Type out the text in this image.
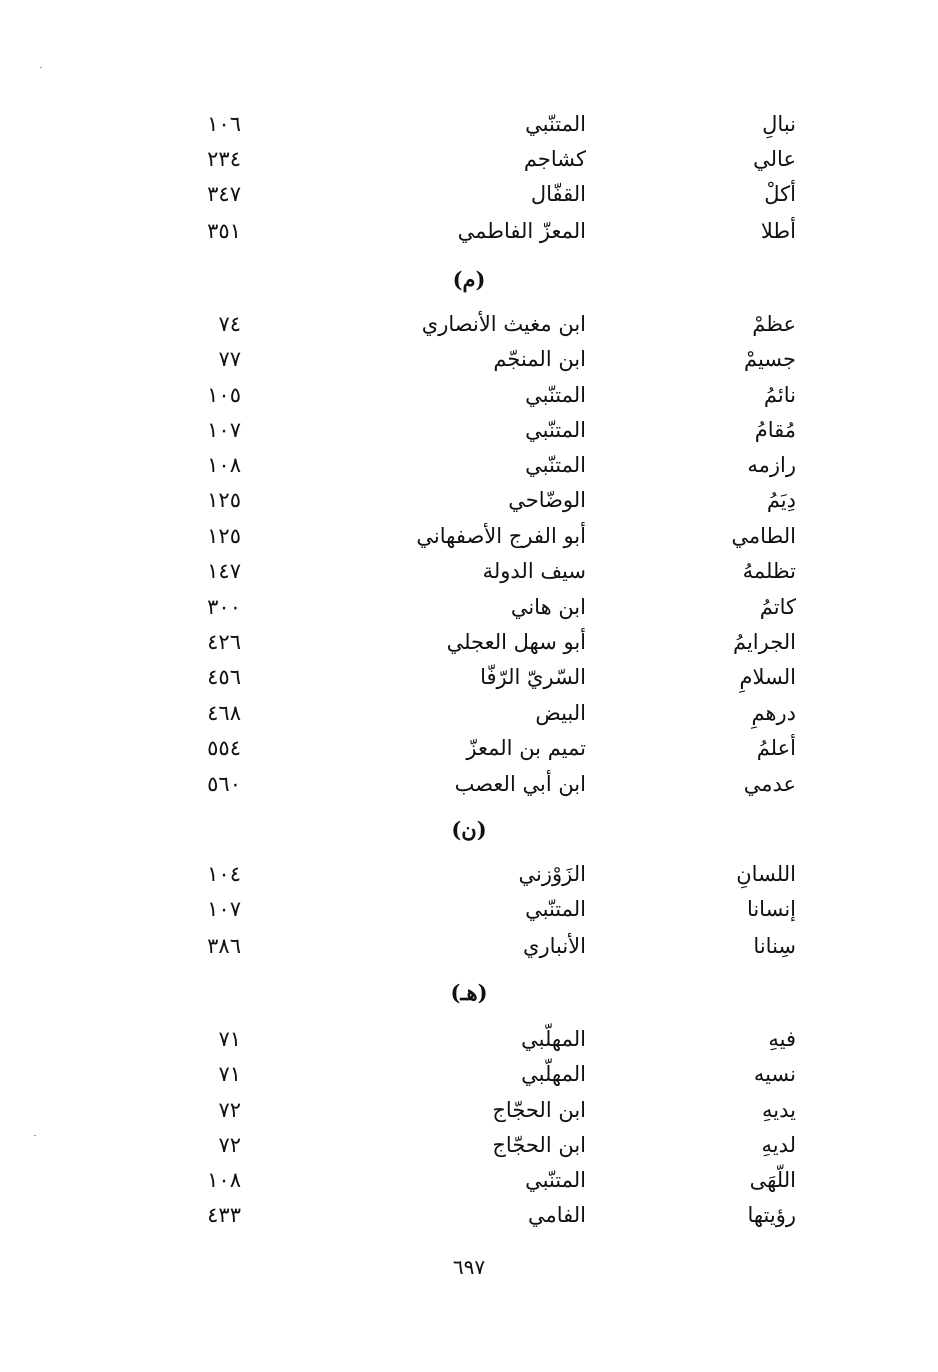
نبالِ
المتنّبي
١٠٦
عالي
كشاجم
٢٣٤
أكلْ
القفّال
٣٤٧
أطلا
المعزّ الفاطمي
٣٥١
(م)
عظمْ
ابن مغيث الأنصاري
٧٤
جسيمْ
ابن المنجّم
٧٧
نائمُ
المتنّبي
١٠٥
مُقامُ
المتنّبي
١٠٧
رازمه
المتنّبي
١٠٨
دِيَمُ
الوضّاحي
١٢٥
الطامي
أبو الفرج الأصفهاني
١٢٥
تظلمهُ
سيف الدولة
١٤٧
كاتمُ
ابن هاني
٣٠٠
الجرايمُ
أبو سهل العجلي
٤٢٦
السلامِ
السّريّ الرّفّا
٤٥٦
درهمِ
البيض
٤٦٨
أعلمُ
تميم بن المعزّ
٥٥٤
عدمي
ابن أبي العصب
٥٦٠
(ن)
اللسانِ
الزَوْزني
١٠٤
إنسانا
المتنّبي
١٠٧
سِنانا
الأنباري
٣٨٦
(هـ)
فيهِ
المهلّبي
٧١
نسيه
المهلّبي
٧١
يديهِ
ابن الحجّاج
٧٢
لديهِ
ابن الحجّاج
٧٢
اللّهَى
المتنّبي
١٠٨
رؤيتها
الفامي
٤٣٣
٦٩٧
